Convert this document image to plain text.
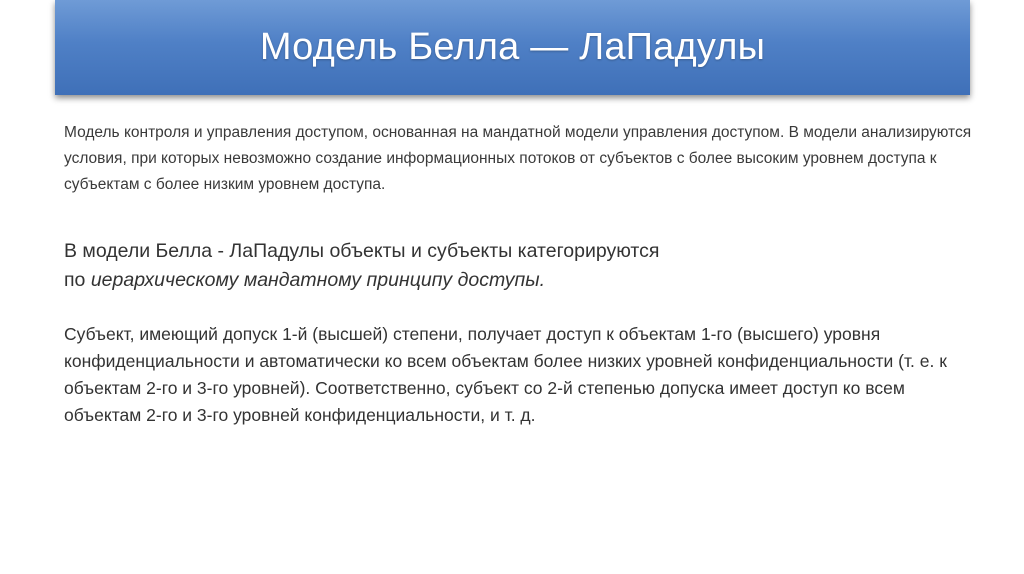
Модель Белла — ЛаПадулы

Модель контроля и управления доступом, основанная на мандатной модели управления доступом. В модели анализируются условия, при которых невозможно создание информационных потоков от субъектов с более высоким уровнем доступа к субъектам с более низким уровнем доступа.

В модели Белла - ЛаПадулы объекты и субъекты категорируются
по иерархическому мандатному принципу доступы.

Субъект, имеющий допуск 1-й (высшей) степени, получает доступ к объектам 1-го (высшего) уровня конфиденциальности и автоматически ко всем объектам более низких уровней конфиденциальности (т. е. к объектам 2-го и 3-го уровней). Соответственно, субъект со 2-й степенью допуска имеет доступ ко всем объектам 2-го и 3-го уровней конфиденциальности, и т. д.
